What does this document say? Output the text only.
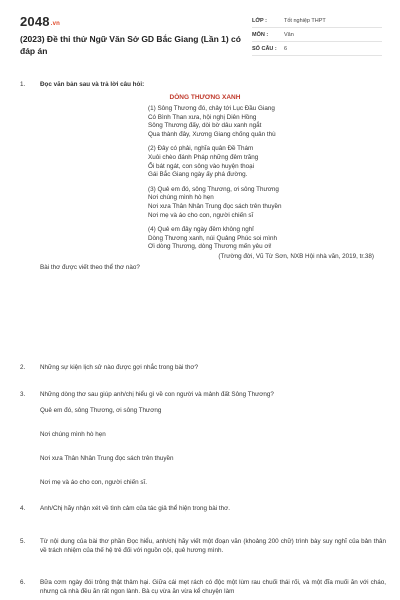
2048.vn
(2023) Đề thi thử Ngữ Văn Sở GD Bắc Giang (Lần 1) có đáp án
LỚP :	Tốt nghiệp THPT
MÔN :	Văn
SỐ CÂU :	6
1.	Đọc văn bản sau và trả lời câu hỏi:
DÒNG THƯƠNG XANH
(1) Sông Thương đó, chảy tới Lục Đầu Giang
Có Bình Than xưa, hội nghị Diên Hồng
Sông Thương đấy, dòi bờ dâu xanh ngắt
Qua thành đây, Xương Giang chống quân thù
(2) Đây có phải, nghĩa quân Đề Thám
Xuôi chèo đánh Pháp những đêm trăng
Ổi bát ngát, con sông vào huyện thoại
Gái Bắc Giang ngày ấy phá đường.
(3) Quê em đó, sông Thương, ơi sông Thương
Nơi chúng mình hò hẹn
Nơi xưa Thân Nhân Trung đọc sách trên thuyền
Nơi mẹ và áo cho con, người chiến sĩ
(4) Quê em đây ngày đêm không nghỉ
Dòng Thương xanh, núi Quảng Phúc soi mình
Ơi dòng Thương, dòng Thương mến yêu ơi!
(Trường đời, Vũ Từ Sơn, NXB Hội nhà văn, 2019, tr.38)
Bài thơ được viết theo thể thơ nào?
2.	Những sự kiện lịch sử nào được gợi nhắc trong bài thơ?
3.	Những dòng thơ sau giúp anh/chị hiểu gì về con người và mảnh đất Sông Thương?
Quê em đó, sông Thương, ơi sông Thương
Nơi chúng mình hò hẹn
Nơi xưa Thân Nhân Trung đọc sách trên thuyền
Nơi mẹ và áo cho con, người chiến sĩ.
4.	Anh/Chị hãy nhận xét về tình cảm của tác giả thể hiện trong bài thơ.
5.	Từ nội dung của bài thơ phần Đọc hiểu, anh/chị hãy viết một đoạn văn (khoảng 200 chữ) trình bày suy nghĩ của bản thân về trách nhiệm của thế hệ trẻ đối với nguồn cội, quê hương mình.
6.	Bữa cơm ngày đói trông thật thảm hại. Giữa cái mẹt rách có độc một lùm rau chuối thái rối, và một đĩa muối ăn với cháo, nhưng cả nhà đều ăn rất ngon lành. Bà cụ vừa ăn vừa kể chuyện làm
